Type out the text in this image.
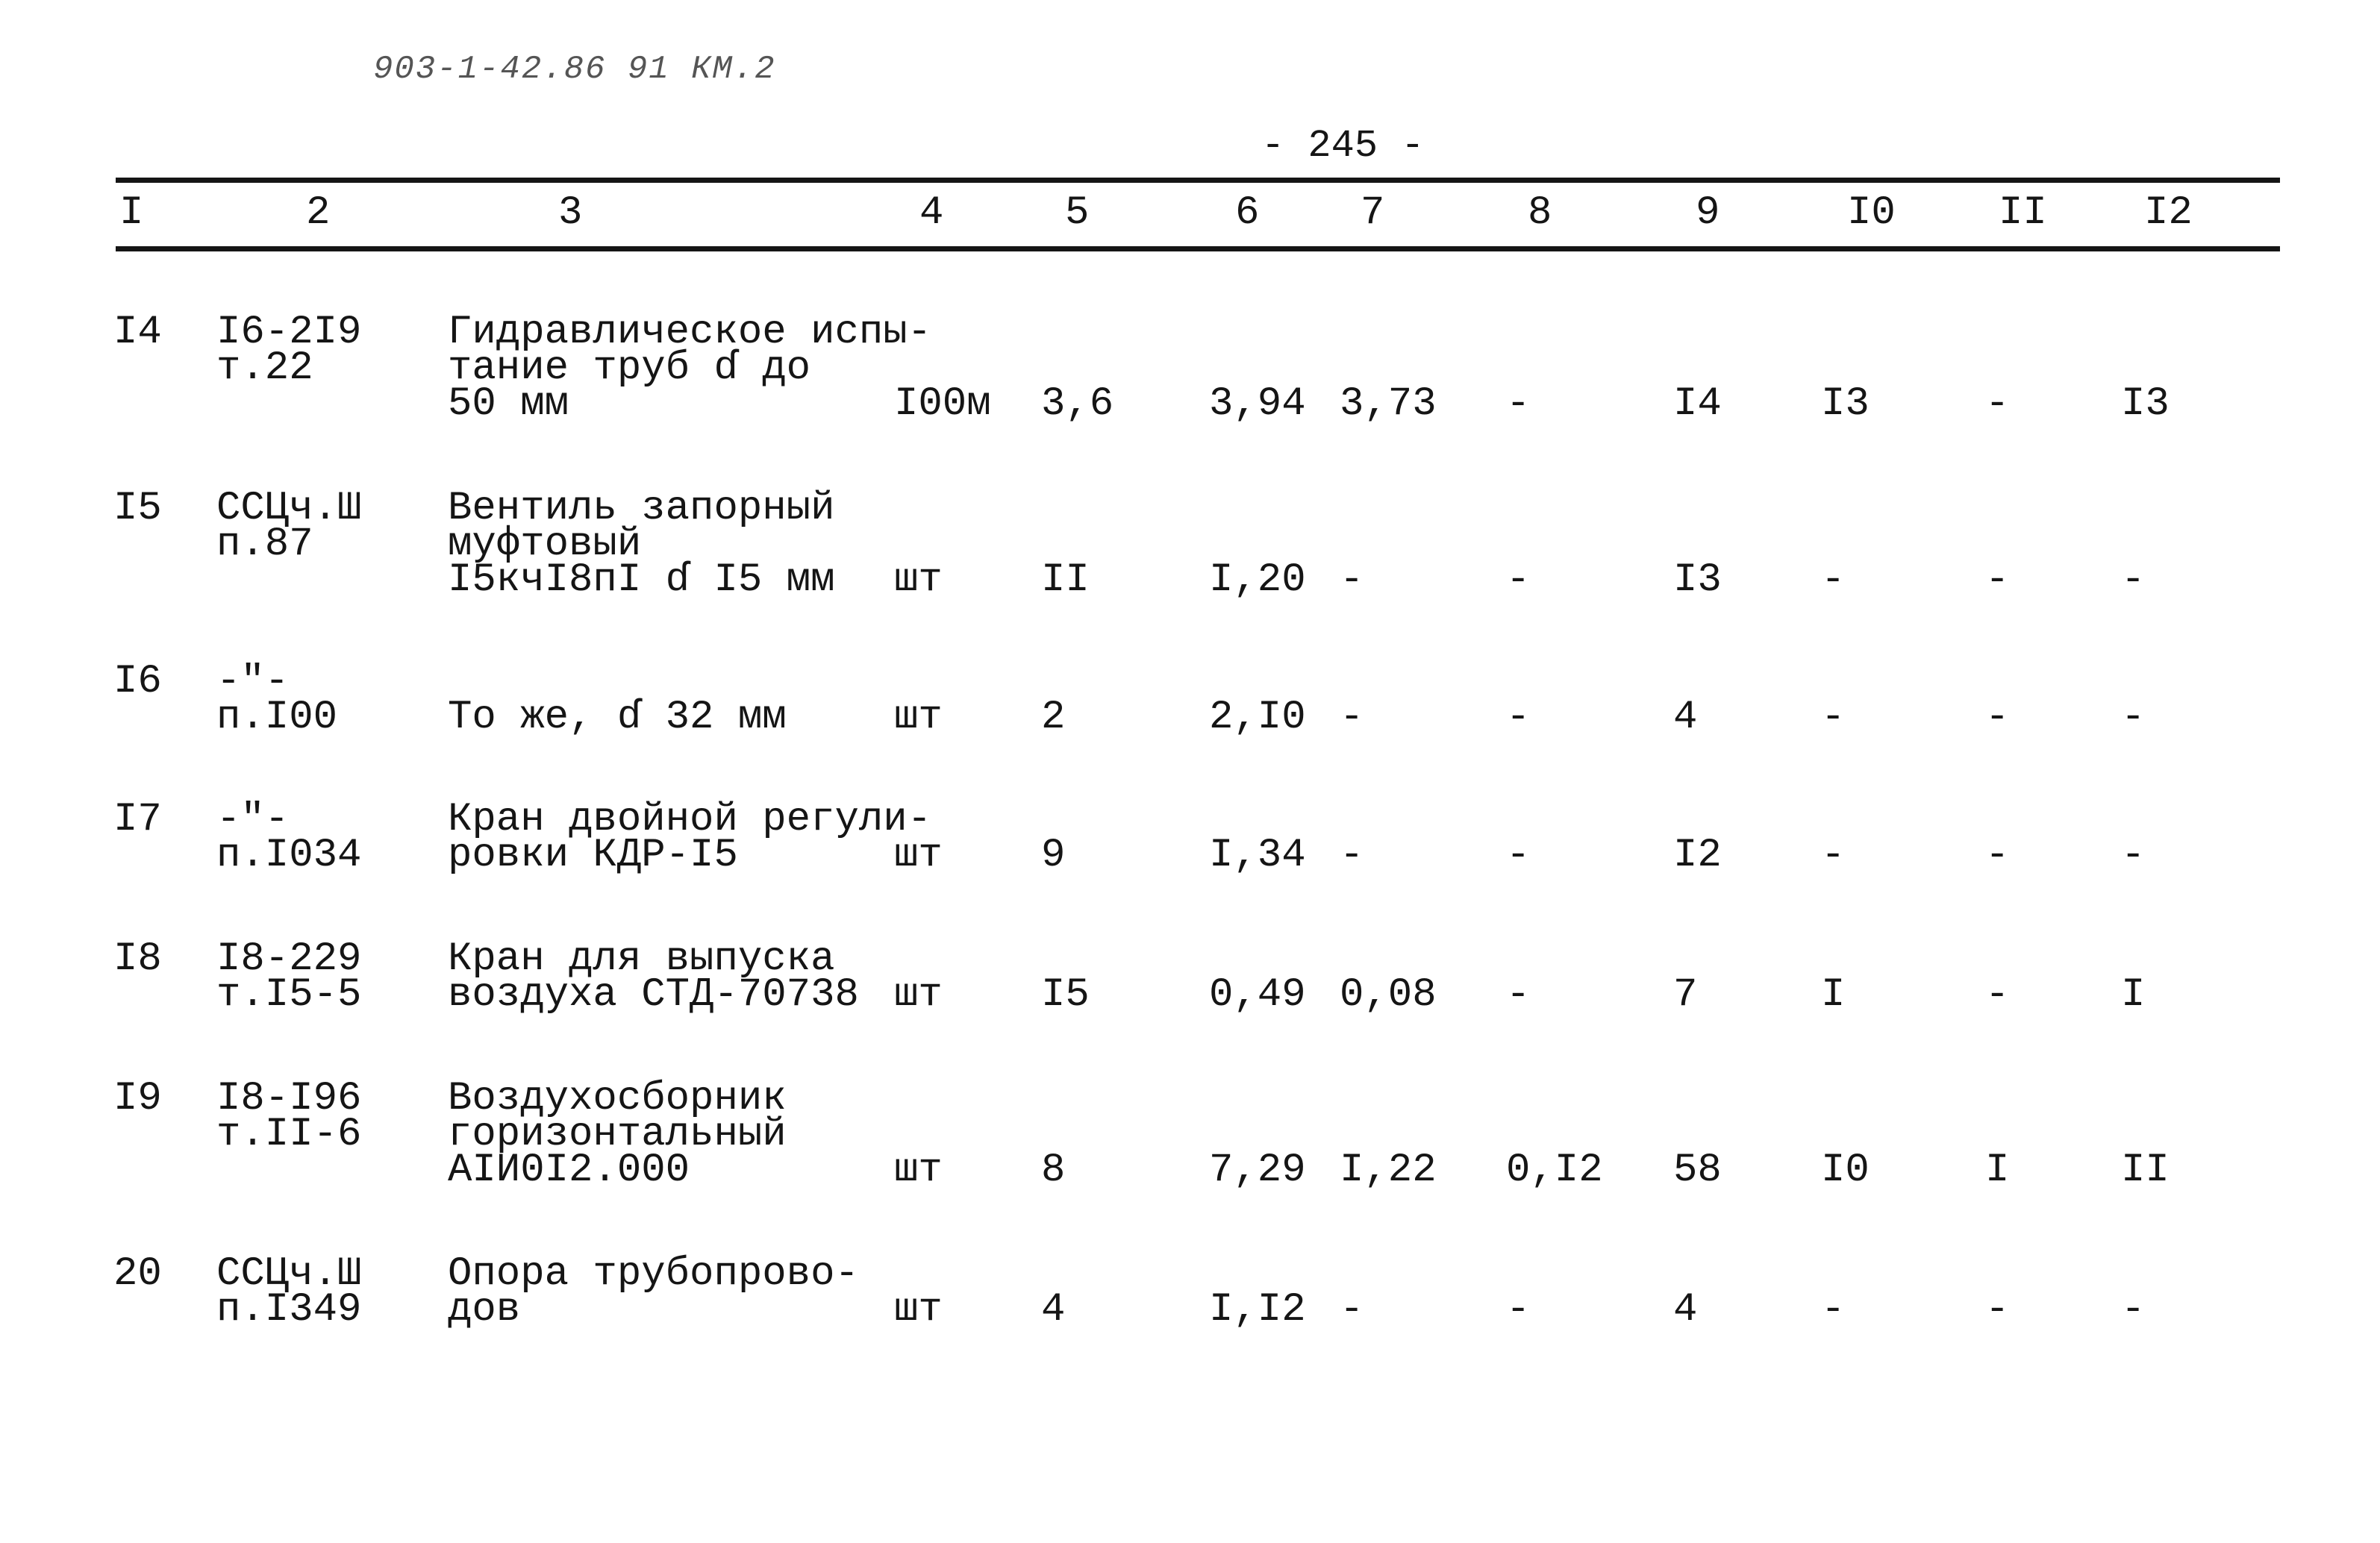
903-1-42.86 91 КМ.2
- 245 -
I	2	3	4	5	6	7	8	9	I0	II I2
I4 I6-2I9
т.22
Гидравлическое испы-
тание труб ɗ до
50 мм	I00м 3,6 3,94 3,73 -	I4 I3	-	I3
I5 ССЦч.Ш
п.87
Вентиль запорный
муфтовый
I5кчI8пI ɗ I5 мм шт II	I,20 -	-	I3 -	-	-
I6 -"-
п.I00	То же, ɗ 32 мм	шт 2	2,I0 -	-	4	-	-	-
I7 -"-
п.I034
Кран двойной регули-
ровки КДР-I5	шт 9	I,34 -	-	I2 -	-	-
I8 I8-229
т.I5-5
Кран для выпуска
воздуха СТД-70738 шт I5	0,49 0,08 -	7	I	-	I
I9 I8-I96
т.II-6
Воздухосборник
горизонтальный
АIИ0I2.000	шт 8	7,29 I,22 0,I2 58 I0	I	II
20 ССЦч.Ш
п.I349
Опора трубопрово-
дов	шт 4	I,I2 -	-	4	-	-	-
